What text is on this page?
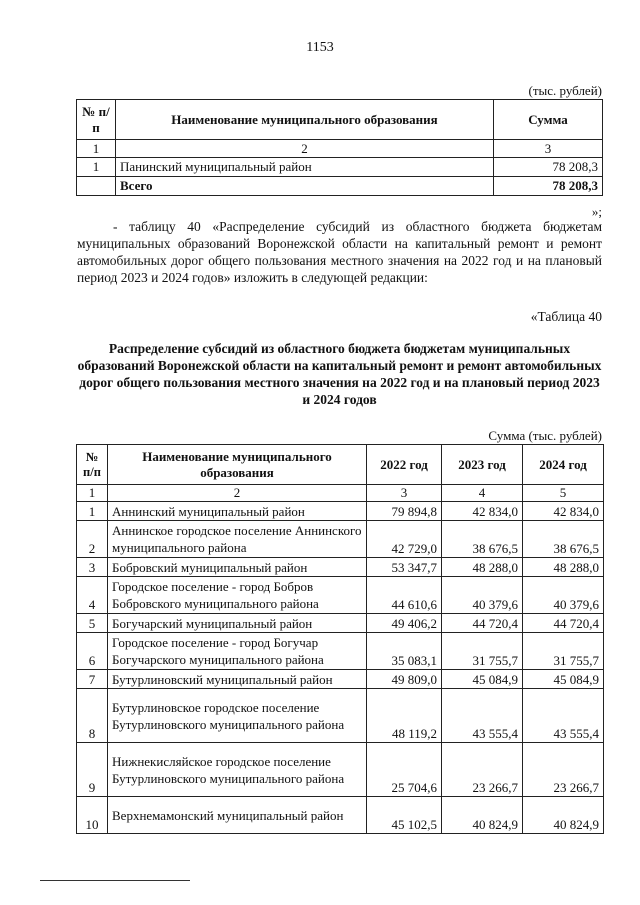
1153
(тыс. рублей)
№ п/п	Наименование муниципального образования	Сумма
1	2	3
1	Панинский муниципальный район	78 208,3
	Всего	78 208,3
»;
- таблицу 40 «Распределение субсидий из областного бюджета бюджетам муниципальных образований Воронежской области на капитальный ремонт и ремонт автомобильных дорог общего пользования местного значения на 2022 год и на плановый период 2023 и 2024 годов» изложить в следующей редакции:
«Таблица 40
Распределение субсидий из областного бюджета бюджетам муниципальных образований Воронежской области на капитальный ремонт и ремонт автомобильных дорог общего пользования местного значения на 2022 год и на плановый период 2023 и 2024 годов
Сумма (тыс. рублей)
№ п/п	Наименование муниципального образования	2022 год	2023 год	2024 год
1	2	3	4	5
1	Аннинский муниципальный район	79 894,8	42 834,0	42 834,0
2	Аннинское городское поселение Аннинского муниципального района	42 729,0	38 676,5	38 676,5
3	Бобровский муниципальный район	53 347,7	48 288,0	48 288,0
4	Городское поселение - город Бобров Бобровского муниципального района	44 610,6	40 379,6	40 379,6
5	Богучарский муниципальный район	49 406,2	44 720,4	44 720,4
6	Городское поселение - город Богучар Богучарского муниципального района	35 083,1	31 755,7	31 755,7
7	Бутурлиновский муниципальный район	49 809,0	45 084,9	45 084,9
8	Бутурлиновское городское поселение Бутурлиновского муниципального района	48 119,2	43 555,4	43 555,4
9	Нижнекисляйское городское поселение Бутурлиновского муниципального района	25 704,6	23 266,7	23 266,7
10	Верхнемамонский муниципальный район	45 102,5	40 824,9	40 824,9
